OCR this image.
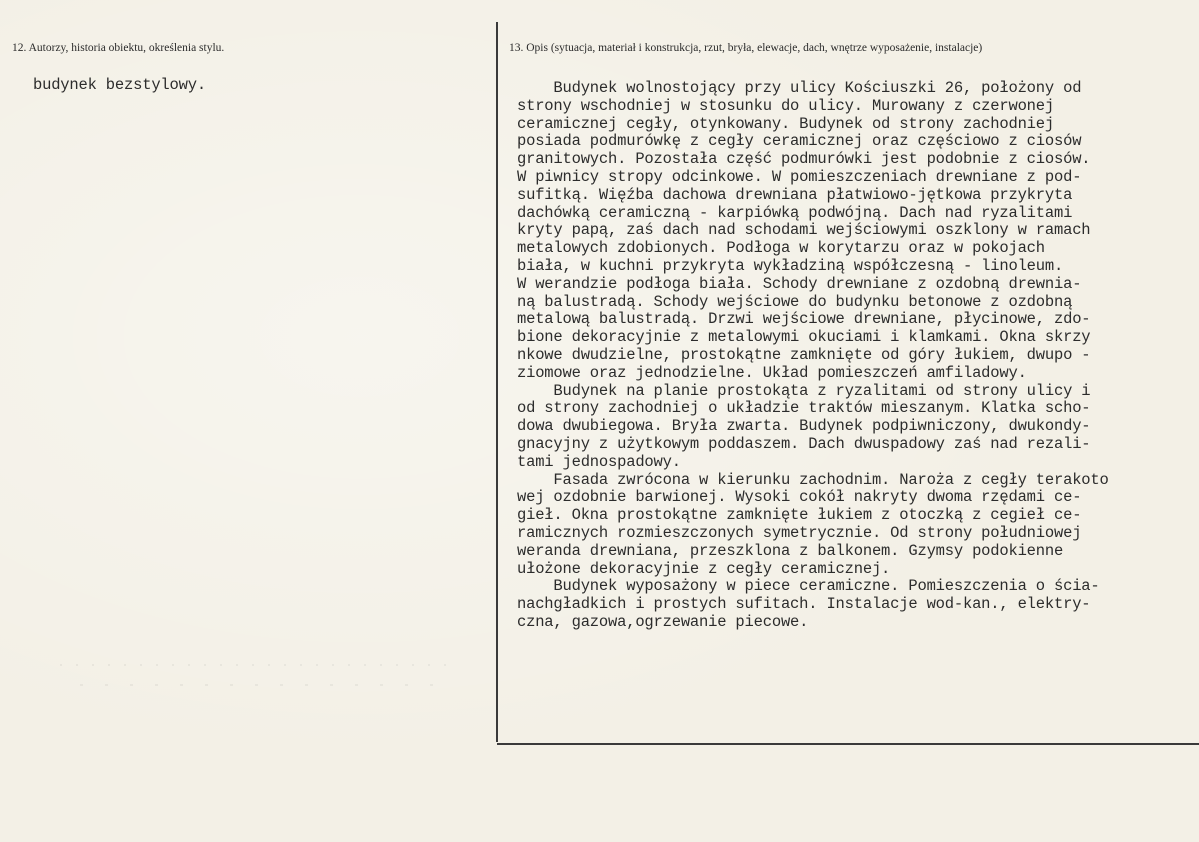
12. Autorzy, historia obiektu, określenia stylu.
budynek bezstylowy.
13. Opis (sytuacja, materiał i konstrukcja, rzut, bryła, elewacje, dach, wnętrze wyposażenie, instalacje)
Budynek wolnostojący przy ulicy Kościuszki 26, położony od
strony wschodniej w stosunku do ulicy. Murowany z czerwonej
ceramicznej cegły, otynkowany. Budynek od strony zachodniej
posiada podmurówkę z cegły ceramicznej oraz częściowo z ciosów
granitowych. Pozostała część podmurówki jest podobnie z ciosów.
W piwnicy stropy odcinkowe. W pomieszczeniach drewniane z pod-
sufitką. Więźba dachowa drewniana płatwiowo-jętkowa przykryta
dachówką ceramiczną - karpiówką podwójną. Dach nad ryzalitami
kryty papą, zaś dach nad schodami wejściowymi oszklony w ramach
metalowych zdobionych. Podłoga w korytarzu oraz w pokojach
biała, w kuchni przykryta wykładziną współczesną - linoleum.
W werandzie podłoga biała. Schody drewniane z ozdobną drewnia-
ną balustradą. Schody wejściowe do budynku betonowe z ozdobną
metalową balustradą. Drzwi wejściowe drewniane, płycinowe, zdo-
bione dekoracyjnie z metalowymi okuciami i klamkami. Okna skrzy
nkowe dwudzielne, prostokątne zamknięte od góry łukiem, dwupo -
ziomowe oraz jednodzielne. Układ pomieszczeń amfiladowy.
Budynek na planie prostokąta z ryzalitami od strony ulicy i
od strony zachodniej o układzie traktów mieszanym. Klatka scho-
dowa dwubiegowa. Bryła zwarta. Budynek podpiwniczony, dwukondy-
gnacyjny z użytkowym poddaszem. Dach dwuspadowy zaś nad rezali-
tami jednospadowy.
Fasada zwrócona w kierunku zachodnim. Naroża z cegły terakoto
wej ozdobnie barwionej. Wysoki cokół nakryty dwoma rzędami ce-
gieł. Okna prostokątne zamknięte łukiem z otoczką z cegieł ce-
ramicznych rozmieszczonych symetrycznie. Od strony południowej
weranda drewniana, przeszklona z balkonem. Gzymsy podokienne
ułożone dekoracyjnie z cegły ceramicznej.
Budynek wyposażony w piece ceramiczne. Pomieszczenia o ścia-
nachgładkich i prostych sufitach. Instalacje wod-kan., elektry-
czna, gazowa,ogrzewanie piecowe.
